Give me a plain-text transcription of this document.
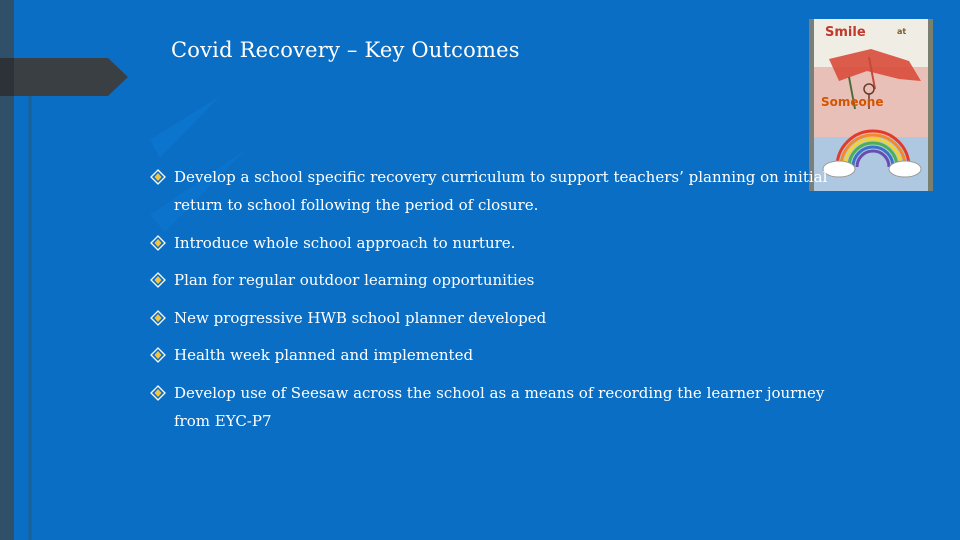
Covid Recovery – Key Outcomes
Smile	at
Someone
Develop a school specific recovery curriculum to support teachers’ planning on initial return to school following the period of closure.
Introduce whole school approach to nurture.
Plan for regular outdoor learning opportunities
New progressive HWB school planner developed
Health week planned and implemented
Develop use of Seesaw across the school as a means of recording the learner journey from EYC-P7
